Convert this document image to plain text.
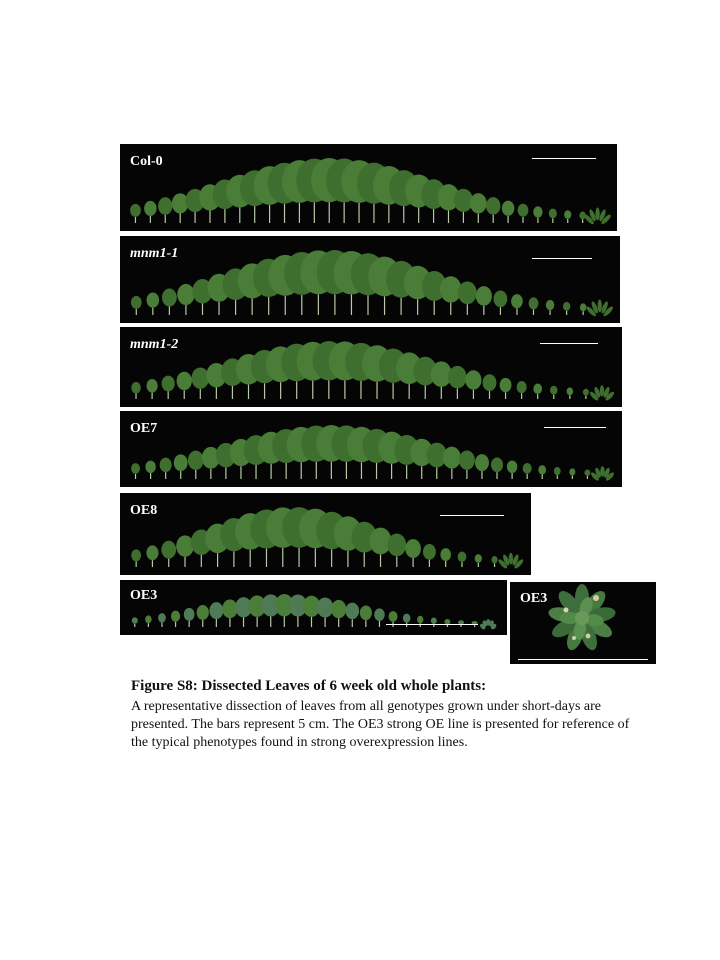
Col-0
mnm1-1
mnm1-2
OE7
OE8
OE3	OE3

Figure S8: Dissected Leaves of 6 week old whole plants:

A representative dissection of leaves from all genotypes grown under short-days are presented. The bars represent 5 cm. The OE3 strong OE line is presented for reference of the typical phenotypes found in strong overexpression lines.
